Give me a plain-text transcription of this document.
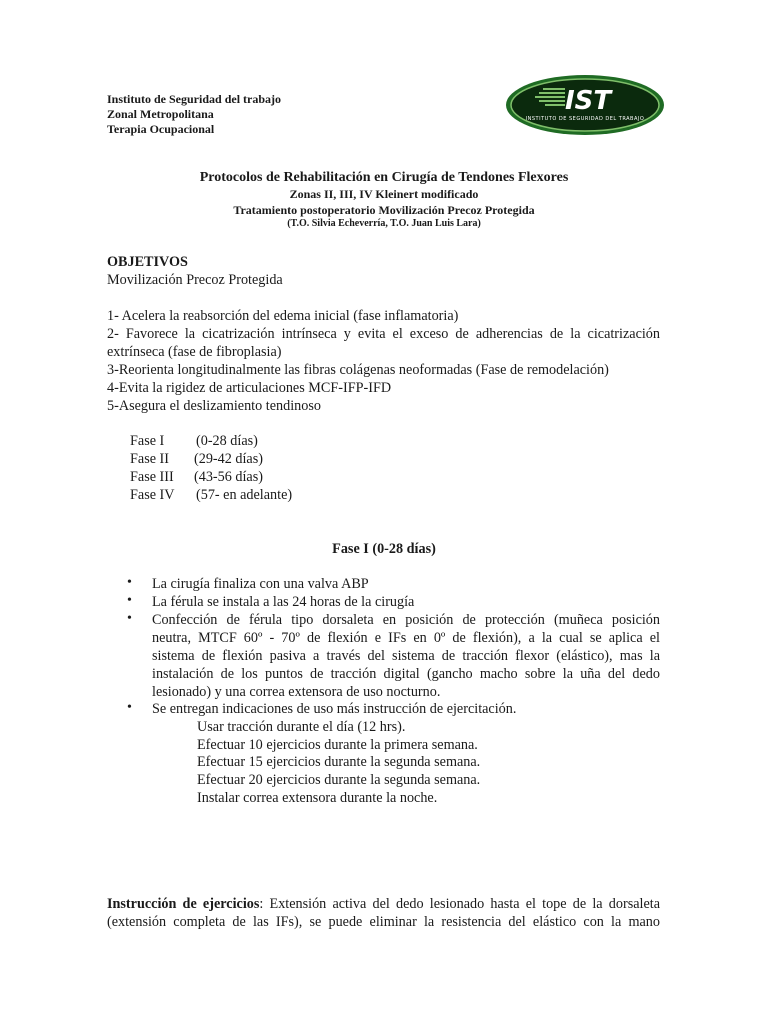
Instituto de Seguridad del trabajo
Zonal Metropolitana
Terapia Ocupacional
IST
INSTITUTO DE SEGURIDAD DEL TRABAJO
Protocolos de Rehabilitación en Cirugía de Tendones Flexores
Zonas II, III, IV Kleinert modificado
Tratamiento postoperatorio Movilización Precoz Protegida
(T.O. Silvia Echeverría, T.O. Juan Luis Lara)
OBJETIVOS
Movilización Precoz Protegida
1- Acelera la reabsorción del edema inicial (fase inflamatoria)
2- Favorece la cicatrización intrínseca y evita el exceso de adherencias de la cicatrización
extrínseca (fase de fibroplasia)
3-Reorienta longitudinalmente las fibras colágenas neoformadas (Fase de remodelación)
4-Evita la rigidez de articulaciones MCF-IFP-IFD
5-Asegura el deslizamiento tendinoso
Fase I (0-28 días)
Fase II (29-42 días)
Fase III (43-56 días)
Fase IV (57- en adelante)
Fase I (0-28 días)
• La cirugía finaliza con una valva ABP
• La férula se instala a las 24 horas de la cirugía
• Confección de férula tipo dorsaleta en posición de protección (muñeca posición
neutra, MTCF 60º - 70º de flexión e IFs en 0º de flexión), a la cual se aplica el
sistema de flexión pasiva a través del sistema de tracción flexor (elástico), mas la
instalación de los puntos de tracción digital (gancho macho sobre la uña del dedo
lesionado) y una correa extensora de uso nocturno.
• Se entregan indicaciones de uso más instrucción de ejercitación.
Usar tracción durante el día (12 hrs).
Efectuar 10 ejercicios durante la primera semana.
Efectuar 15 ejercicios durante la segunda semana.
Efectuar 20 ejercicios durante la segunda semana.
Instalar correa extensora durante la noche.
Instrucción de ejercicios: Extensión activa del dedo lesionado hasta el tope de la dorsaleta
(extensión completa de las IFs), se puede eliminar la resistencia del elástico con la mano
